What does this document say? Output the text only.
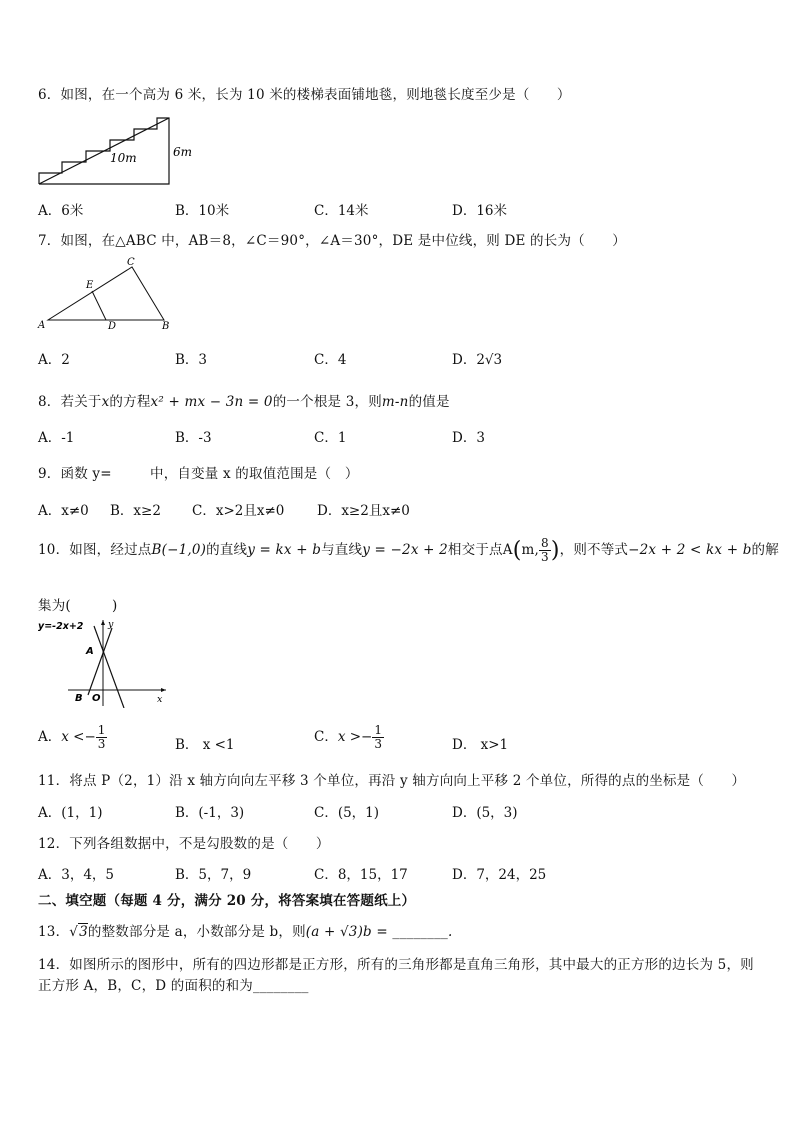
6．如图，在一个高为 6 米，长为 10 米的楼梯表面铺地毯，则地毯长度至少是（　　）
10m	6m
A．6米	B．10米	C．14米	D．16米
7．如图，在△ABC 中，AB＝8，∠C＝90°，∠A＝30°，DE 是中位线，则 DE 的长为（　　）
C
E
A	D	B
A．2	B．3	C．4	D．2√3
8．若关于x的方程x² + mx − 3n = 0的一个根是 3，则m-n的值是
A．-1	B．-3	C．1	D．3
9．函数 y=	中，自变量 x 的取值范围是（　）
A．x≠0 B．x≥2 C．x>2且x≠0 D．x≥2且x≠0
10．如图，经过点B(−1,0)的直线y = kx + b与直线y = −2x + 2相交于点A(m, $\frac{8}{3}$ )，则不等式−2x + 2 < kx + b的解
集为(　　　)
y=-2x+2	y
x
A
B O
A．$x <- \frac{1}{3}$	B． x <1	C．$x >- \frac{1}{3}$	D． x>1
11．将点 P（2，1）沿 x 轴方向向左平移 3 个单位，再沿 y 轴方向向上平移 2 个单位，所得的点的坐标是（　　）
A．(1，1)	B．(-1，3)	C．(5，1)	D．(5，3)
12．下列各组数据中，不是勾股数的是（　　）
A．3，4，5	B．5，7，9	C．8，15，17	D．7，24，25
二、填空题（每题 4 分，满分 20 分，将答案填在答题纸上）
13．√3的整数部分是 a，小数部分是 b，则(a + √3)b = ________.
14．如图所示的图形中，所有的四边形都是正方形，所有的三角形都是直角三角形，其中最大的正方形的边长为 5，则
正方形 A，B，C，D 的面积的和为________
